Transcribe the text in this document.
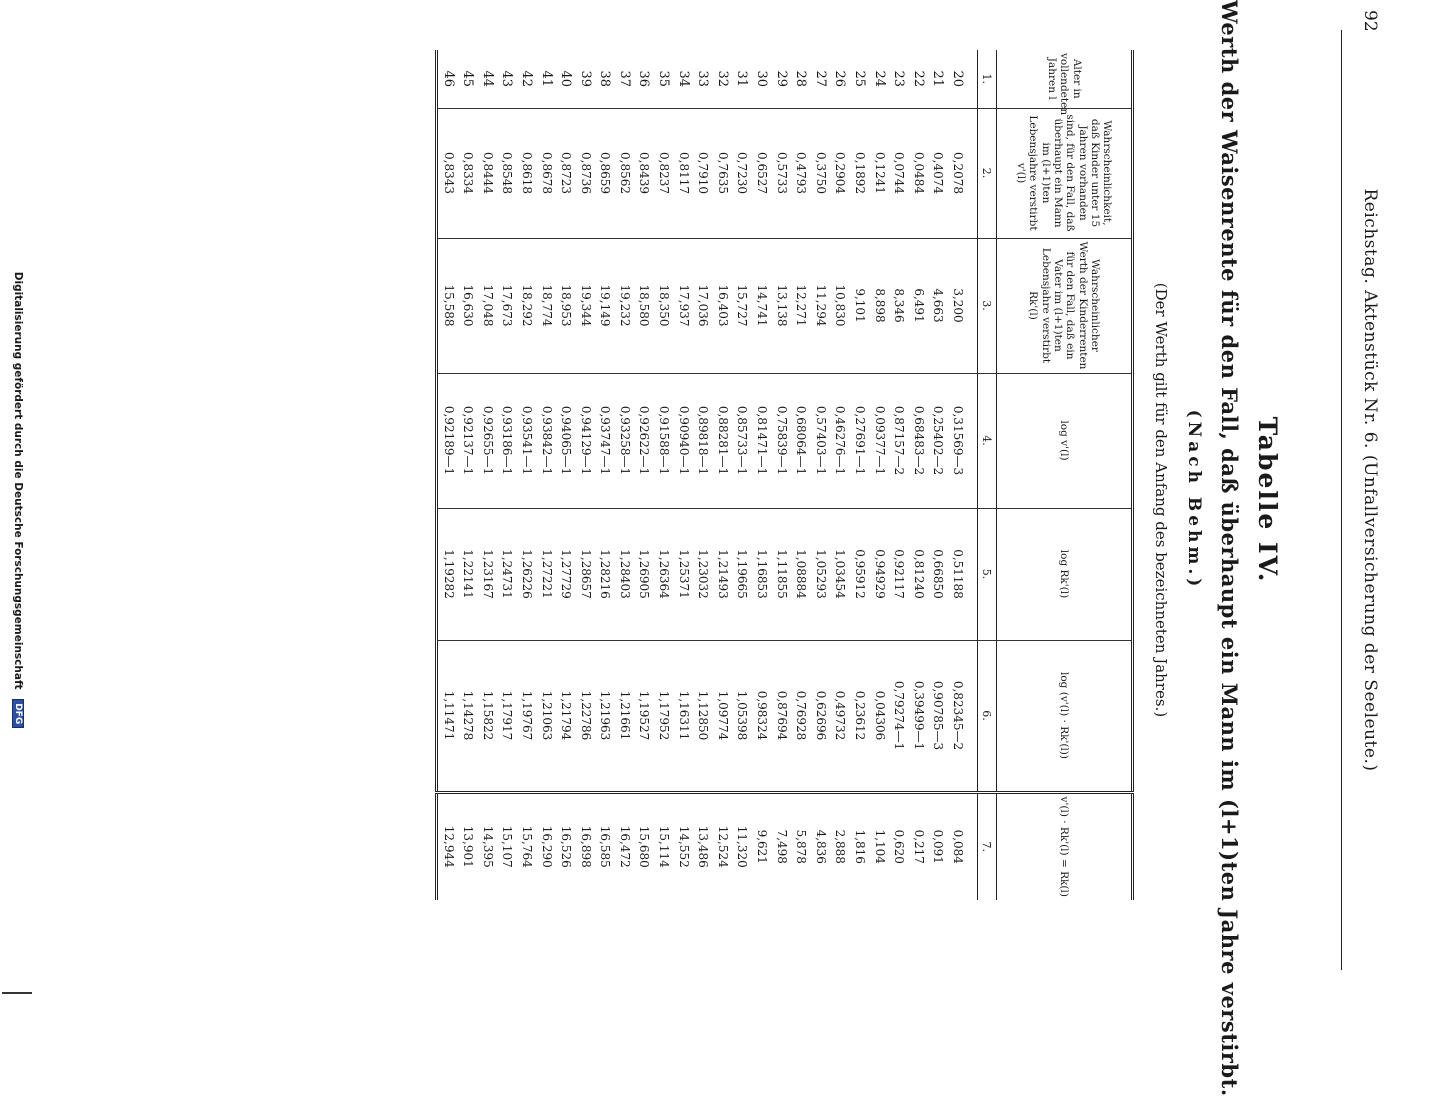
92
Reichstag. Aktenstück Nr. 6. (Unfallversicherung der Seeleute.)
Tabelle IV.
Werth der Waisenrente für den Fall, daß überhaupt ein Mann im (l+1)ten Jahre verstirbt.
(Nach Behm.)
(Der Werth gilt für den Anfang des bezeichneten Jahres.)
Alter in vollendeten Jahren l	Wahrscheinlichkeit, daß Kinder unter 15 Jahren vorhanden sind, für den Fall, daß überhaupt ein Mann im (l+1)ten Lebensjahre verstirbt v'(l)	Wahrscheinlicher Werth der Kinderrenten für den Fall, daß ein Vater im (l+1)ten Lebensjahre verstirbt Rk'(l)	log v'(l)	log Rk'(l)	log (v'(l) · Rk'(l))	v'(l) · Rk'(l) = Rk(l)
1.	2.	3.	4.	5.	6.	7.
20	0,2078	3,200	0,31569—3	0,51188	0,82345—2	0,084
21	0,4074	4,663	0,25402—2	0,66850	0,90785—3	0,091
22	0,0484	6,491	0,68483—2	0,81240	0,39499—1	0,217
23	0,0744	8,346	0,87157—2	0,92117	0,79274—1	0,620
24	0,1241	8,898	0,09377—1	0,94929	0,04306	1,104
25	0,1892	9,101	0,27691—1	0,95912	0,23612	1,816
26	0,2904	10,830	0,46276—1	1,03454	0,49732	2,888
27	0,3750	11,294	0,57403—1	1,05293	0,62696	4,836
28	0,4793	12,271	0,68064—1	1,08884	0,76928	5,878
29	0,5733	13,138	0,75839—1	1,11855	0,87694	7,498
30	0,6527	14,741	0,81471—1	1,16853	0,98324	9,621
31	0,7230	15,727	0,85733—1	1,19665	1,05398	11,320
32	0,7635	16,403	0,88281—1	1,21493	1,09774	12,524
33	0,7910	17,036	0,89818—1	1,23032	1,12850	13,486
34	0,8117	17,937	0,90940—1	1,25371	1,16311	14,552
35	0,8237	18,350	0,91588—1	1,26364	1,17952	15,114
36	0,8439	18,580	0,92622—1	1,26905	1,19527	15,680
37	0,8562	19,232	0,93258—1	1,28403	1,21661	16,472
38	0,8659	19,149	0,93747—1	1,28216	1,21963	16,585
39	0,8736	19,344	0,94129—1	1,28657	1,22786	16,898
40	0,8723	18,953	0,94065—1	1,27729	1,21794	16,526
41	0,8678	18,774	0,93842—1	1,27221	1,21063	16,290
42	0,8618	18,292	0,93541—1	1,26226	1,19767	15,764
43	0,8548	17,673	0,93186—1	1,24731	1,17917	15,107
44	0,8444	17,048	0,92655—1	1,23167	1,15822	14,395
45	0,8334	16,630	0,92137—1	1,22141	1,14278	13,901
46	0,8343	15,588	0,92189—1	1,19282	1,11471	12,944
Digitalisierung gefördert durch die Deutsche Forschungsgemeinschaft DFG
